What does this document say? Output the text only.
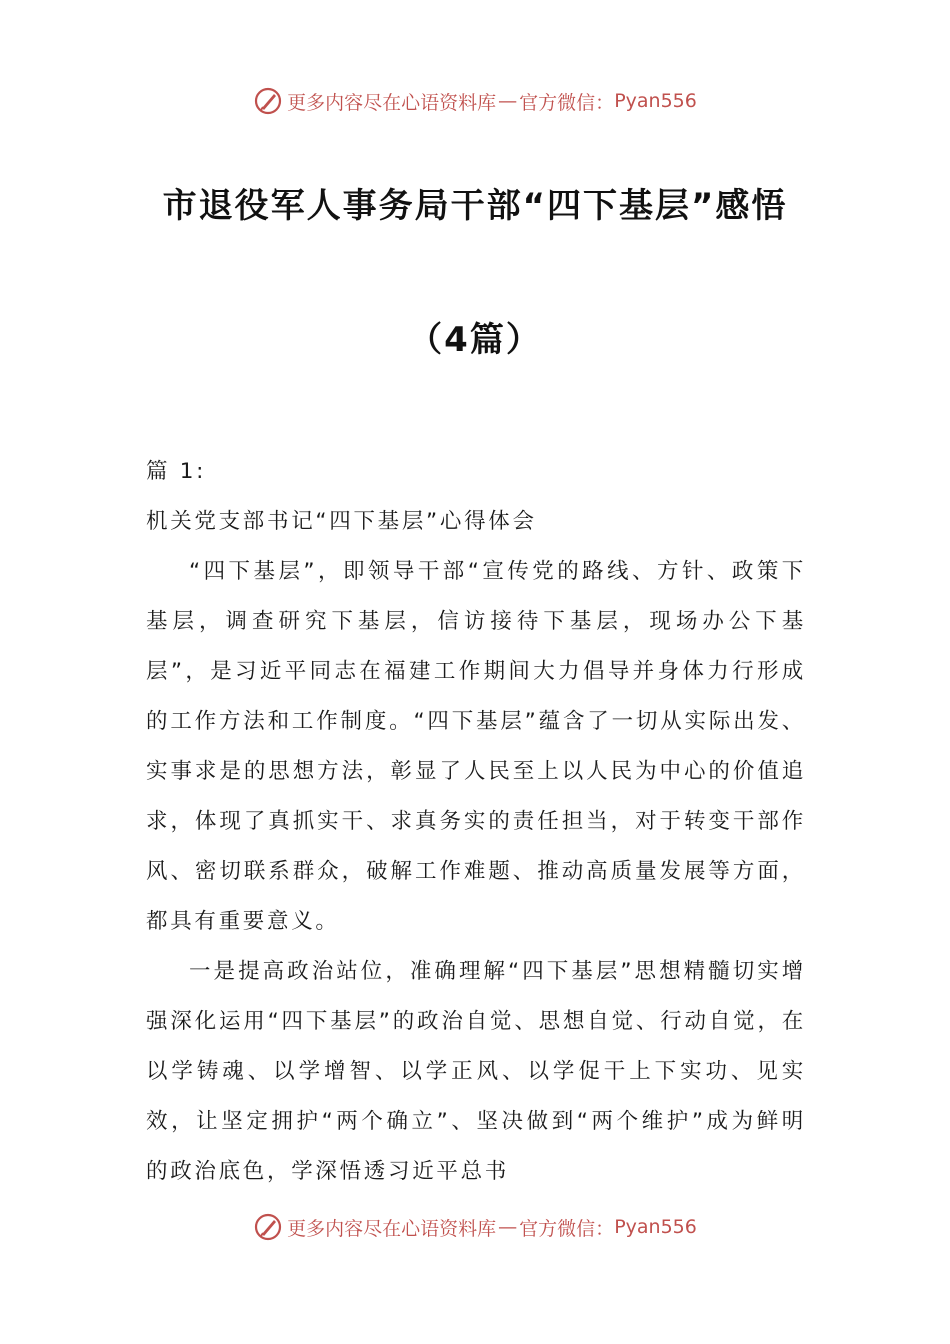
更多内容尽在心语资料库 — 官方微信： Pyan556
市退役军人事务局干部“四下基层”感悟
（4篇）

篇 1:

机关党支部书记“四下基层”心得体会

“四下基层”，即领导干部“宣传党的路线、方针、政策下基层，调查研究下基层，信访接待下基层，现场办公下基层”，是习近平同志在福建工作期间大力倡导并身体力行形成的工作方法和工作制度。“四下基层”蕴含了一切从实际出发、实事求是的思想方法，彰显了人民至上以人民为中心的价值追求，体现了真抓实干、求真务实的责任担当，对于转变干部作风、密切联系群众，破解工作难题、推动高质量发展等方面，都具有重要意义。

一是提高政治站位，准确理解“四下基层”思想精髓切实增强深化运用“四下基层”的政治自觉、思想自觉、行动自觉，在以学铸魂、以学增智、以学正风、以学促干上下实功、见实效，让坚定拥护“两个确立”、坚决做到“两个维护”成为鲜明的政治底色，学深悟透习近平总书

更多内容尽在心语资料库 — 官方微信： Pyan556
